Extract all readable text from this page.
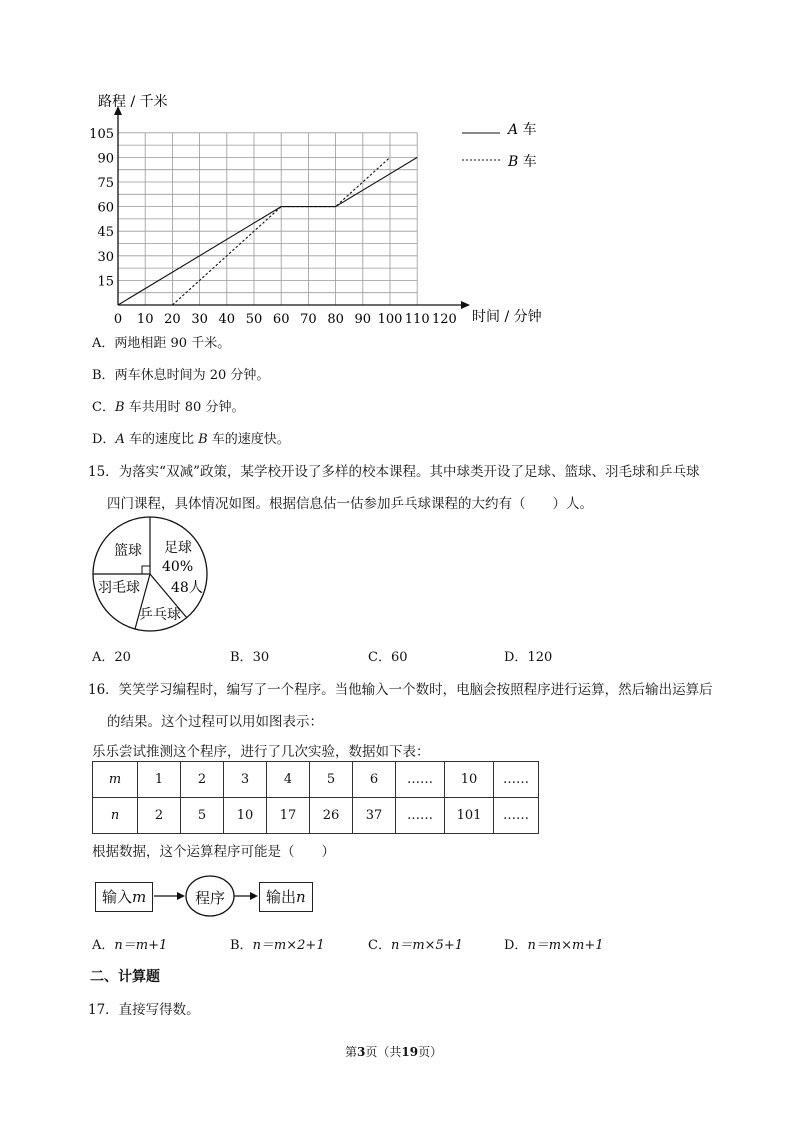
0 10 20 30 40 50 60 70 80 90 100 110 120
15
30
45
60
75
90
105
路程 / 千米
时间 / 分钟
A 车
B 车
A．两地相距 90 千米。
B．两车休息时间为 20 分钟。
C．B 车共用时 80 分钟。
D．A 车的速度比 B 车的速度快。
15．为落实“双减”政策，某学校开设了多样的校本课程。其中球类开设了足球、篮球、羽毛球和乒乓球
四门课程，具体情况如图。根据信息估一估参加乒乓球课程的大约有（　　）人。
篮球 足球
40%
48人
羽毛球
乒乓球
A．20	B．30	C．60	D．120
16．笑笑学习编程时，编写了一个程序。当他输入一个数时，电脑会按照程序进行运算，然后输出运算后
的结果。这个过程可以用如图表示：
乐乐尝试推测这个程序，进行了几次实验，数据如下表：
m	1	2	3	4	5	6	……	10	……
n	2	5	10	17	26	37	……	101	……
根据数据，这个运算程序可能是（　　）
输入m	程序	输出n
A．n＝m+1	B．n＝m×2+1	C．n＝m×5+1	D．n＝m×m+1
二、计算题
17．直接写得数。
第3页（共19页）
